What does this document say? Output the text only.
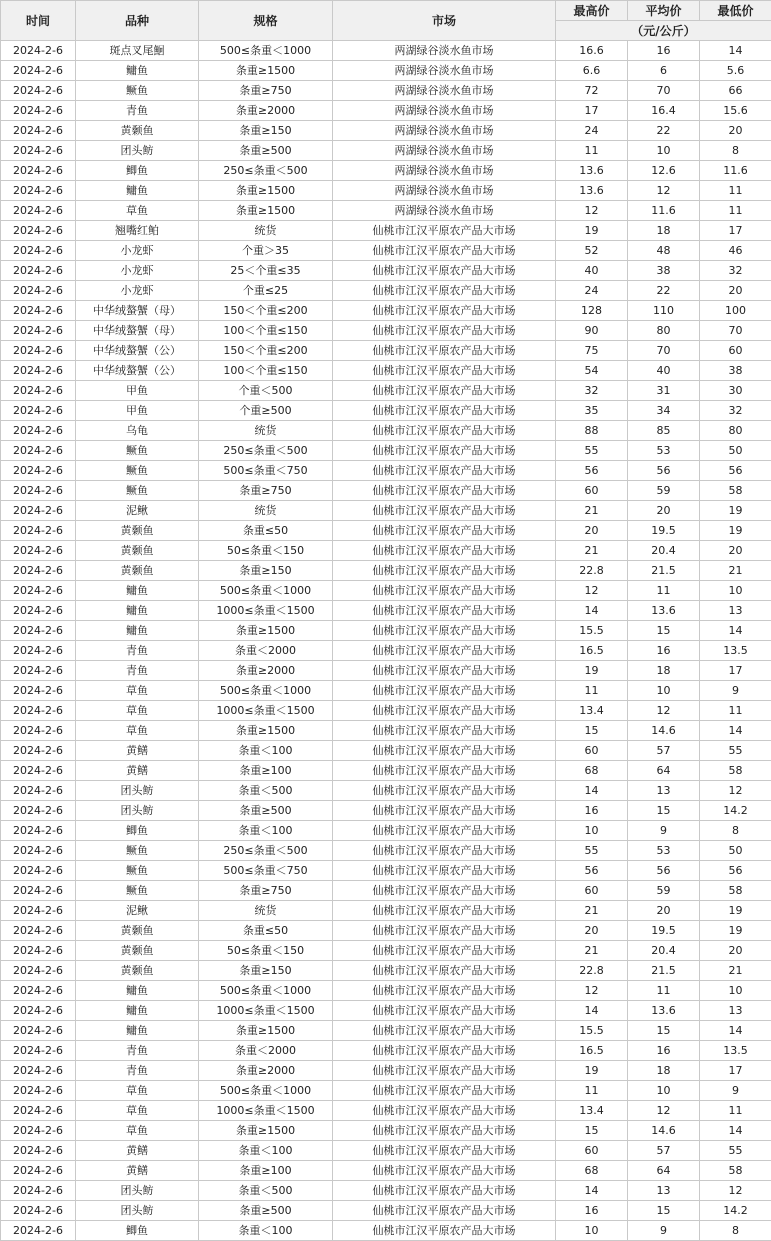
时间	品种	规格	市场	最高价	平均价	最低价
				（元/公斤）		
2024-2-6	斑点叉尾鮰	500≤条重＜1000	两湖绿谷淡水鱼市场	16.6	16	14
2024-2-6	鳙鱼	条重≥1500	两湖绿谷淡水鱼市场	6.6	6	5.6
2024-2-6	鳜鱼	条重≥750	两湖绿谷淡水鱼市场	72	70	66
2024-2-6	青鱼	条重≥2000	两湖绿谷淡水鱼市场	17	16.4	15.6
2024-2-6	黄颡鱼	条重≥150	两湖绿谷淡水鱼市场	24	22	20
2024-2-6	团头鲂	条重≥500	两湖绿谷淡水鱼市场	11	10	8
2024-2-6	鲫鱼	250≤条重＜500	两湖绿谷淡水鱼市场	13.6	12.6	11.6
2024-2-6	鳙鱼	条重≥1500	两湖绿谷淡水鱼市场	13.6	12	11
2024-2-6	草鱼	条重≥1500	两湖绿谷淡水鱼市场	12	11.6	11
2024-2-6	翘嘴红鲌	统货	仙桃市江汉平原农产品大市场	19	18	17
2024-2-6	小龙虾	个重＞35	仙桃市江汉平原农产品大市场	52	48	46
2024-2-6	小龙虾	25＜个重≤35	仙桃市江汉平原农产品大市场	40	38	32
2024-2-6	小龙虾	个重≤25	仙桃市江汉平原农产品大市场	24	22	20
2024-2-6	中华绒螯蟹（母）	150＜个重≤200	仙桃市江汉平原农产品大市场	128	110	100
2024-2-6	中华绒螯蟹（母）	100＜个重≤150	仙桃市江汉平原农产品大市场	90	80	70
2024-2-6	中华绒螯蟹（公）	150＜个重≤200	仙桃市江汉平原农产品大市场	75	70	60
2024-2-6	中华绒螯蟹（公）	100＜个重≤150	仙桃市江汉平原农产品大市场	54	40	38
2024-2-6	甲鱼	个重＜500	仙桃市江汉平原农产品大市场	32	31	30
2024-2-6	甲鱼	个重≥500	仙桃市江汉平原农产品大市场	35	34	32
2024-2-6	乌龟	统货	仙桃市江汉平原农产品大市场	88	85	80
2024-2-6	鳜鱼	250≤条重＜500	仙桃市江汉平原农产品大市场	55	53	50
2024-2-6	鳜鱼	500≤条重＜750	仙桃市江汉平原农产品大市场	56	56	56
2024-2-6	鳜鱼	条重≥750	仙桃市江汉平原农产品大市场	60	59	58
2024-2-6	泥鳅	统货	仙桃市江汉平原农产品大市场	21	20	19
2024-2-6	黄颡鱼	条重≤50	仙桃市江汉平原农产品大市场	20	19.5	19
2024-2-6	黄颡鱼	50≤条重＜150	仙桃市江汉平原农产品大市场	21	20.4	20
2024-2-6	黄颡鱼	条重≥150	仙桃市江汉平原农产品大市场	22.8	21.5	21
2024-2-6	鳙鱼	500≤条重＜1000	仙桃市江汉平原农产品大市场	12	11	10
2024-2-6	鳙鱼	1000≤条重＜1500	仙桃市江汉平原农产品大市场	14	13.6	13
2024-2-6	鳙鱼	条重≥1500	仙桃市江汉平原农产品大市场	15.5	15	14
2024-2-6	青鱼	条重＜2000	仙桃市江汉平原农产品大市场	16.5	16	13.5
2024-2-6	青鱼	条重≥2000	仙桃市江汉平原农产品大市场	19	18	17
2024-2-6	草鱼	500≤条重＜1000	仙桃市江汉平原农产品大市场	11	10	9
2024-2-6	草鱼	1000≤条重＜1500	仙桃市江汉平原农产品大市场	13.4	12	11
2024-2-6	草鱼	条重≥1500	仙桃市江汉平原农产品大市场	15	14.6	14
2024-2-6	黄鳝	条重＜100	仙桃市江汉平原农产品大市场	60	57	55
2024-2-6	黄鳝	条重≥100	仙桃市江汉平原农产品大市场	68	64	58
2024-2-6	团头鲂	条重＜500	仙桃市江汉平原农产品大市场	14	13	12
2024-2-6	团头鲂	条重≥500	仙桃市江汉平原农产品大市场	16	15	14.2
2024-2-6	鲫鱼	条重＜100	仙桃市江汉平原农产品大市场	10	9	8
2024-2-6	鳜鱼	250≤条重＜500	仙桃市江汉平原农产品大市场	55	53	50
2024-2-6	鳜鱼	500≤条重＜750	仙桃市江汉平原农产品大市场	56	56	56
2024-2-6	鳜鱼	条重≥750	仙桃市江汉平原农产品大市场	60	59	58
2024-2-6	泥鳅	统货	仙桃市江汉平原农产品大市场	21	20	19
2024-2-6	黄颡鱼	条重≤50	仙桃市江汉平原农产品大市场	20	19.5	19
2024-2-6	黄颡鱼	50≤条重＜150	仙桃市江汉平原农产品大市场	21	20.4	20
2024-2-6	黄颡鱼	条重≥150	仙桃市江汉平原农产品大市场	22.8	21.5	21
2024-2-6	鳙鱼	500≤条重＜1000	仙桃市江汉平原农产品大市场	12	11	10
2024-2-6	鳙鱼	1000≤条重＜1500	仙桃市江汉平原农产品大市场	14	13.6	13
2024-2-6	鳙鱼	条重≥1500	仙桃市江汉平原农产品大市场	15.5	15	14
2024-2-6	青鱼	条重＜2000	仙桃市江汉平原农产品大市场	16.5	16	13.5
2024-2-6	青鱼	条重≥2000	仙桃市江汉平原农产品大市场	19	18	17
2024-2-6	草鱼	500≤条重＜1000	仙桃市江汉平原农产品大市场	11	10	9
2024-2-6	草鱼	1000≤条重＜1500	仙桃市江汉平原农产品大市场	13.4	12	11
2024-2-6	草鱼	条重≥1500	仙桃市江汉平原农产品大市场	15	14.6	14
2024-2-6	黄鳝	条重＜100	仙桃市江汉平原农产品大市场	60	57	55
2024-2-6	黄鳝	条重≥100	仙桃市江汉平原农产品大市场	68	64	58
2024-2-6	团头鲂	条重＜500	仙桃市江汉平原农产品大市场	14	13	12
2024-2-6	团头鲂	条重≥500	仙桃市江汉平原农产品大市场	16	15	14.2
2024-2-6	鲫鱼	条重＜100	仙桃市江汉平原农产品大市场	10	9	8
